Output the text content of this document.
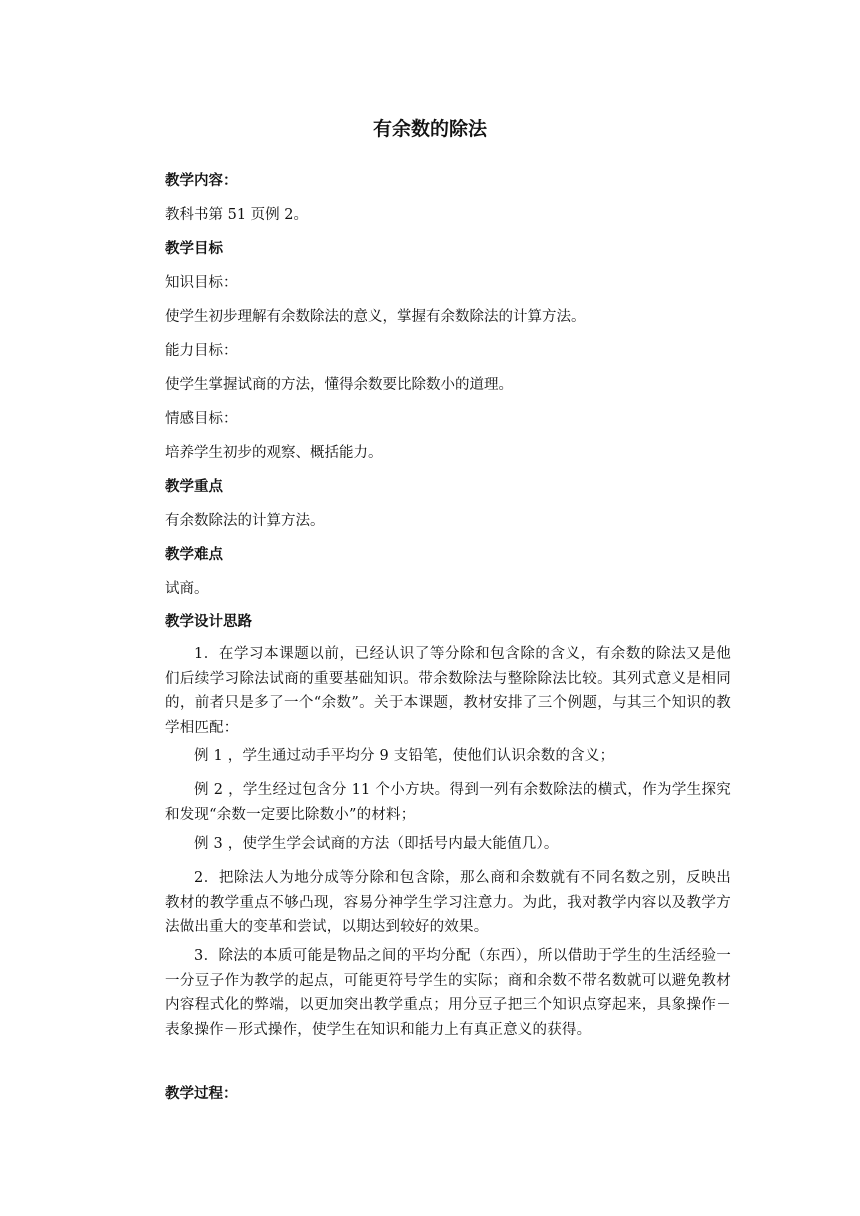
有余数的除法
教学内容：
教科书第 51 页例 2。
教学目标
知识目标：
使学生初步理解有余数除法的意义，掌握有余数除法的计算方法。
能力目标：
使学生掌握试商的方法，懂得余数要比除数小的道理。
情感目标：
培养学生初步的观察、概括能力。
教学重点
有余数除法的计算方法。
教学难点
试商。
教学设计思路
1．在学习本课题以前，已经认识了等分除和包含除的含义，有余数的除法又是他们后续学习除法试商的重要基础知识。带余数除法与整除除法比较。其列式意义是相同的，前者只是多了一个“余数”。关于本课题，教材安排了三个例题，与其三个知识的教学相匹配：
例 1 ，学生通过动手平均分 9 支铅笔，使他们认识余数的含义；
例 2 ，学生经过包含分 11 个小方块。得到一列有余数除法的横式，作为学生探究和发现“余数一定要比除数小”的材料；
例 3 ，使学生学会试商的方法（即括号内最大能值几）。
2．把除法人为地分成等分除和包含除，那么商和余数就有不同名数之别，反映出教材的教学重点不够凸现，容易分神学生学习注意力。为此，我对教学内容以及教学方法做出重大的变革和尝试，以期达到较好的效果。
3．除法的本质可能是物品之间的平均分配（东西），所以借助于学生的生活经验一一分豆子作为教学的起点，可能更符号学生的实际；商和余数不带名数就可以避免教材内容程式化的弊端，以更加突出教学重点；用分豆子把三个知识点穿起来，具象操作－表象操作－形式操作，使学生在知识和能力上有真正意义的获得。
教学过程：
